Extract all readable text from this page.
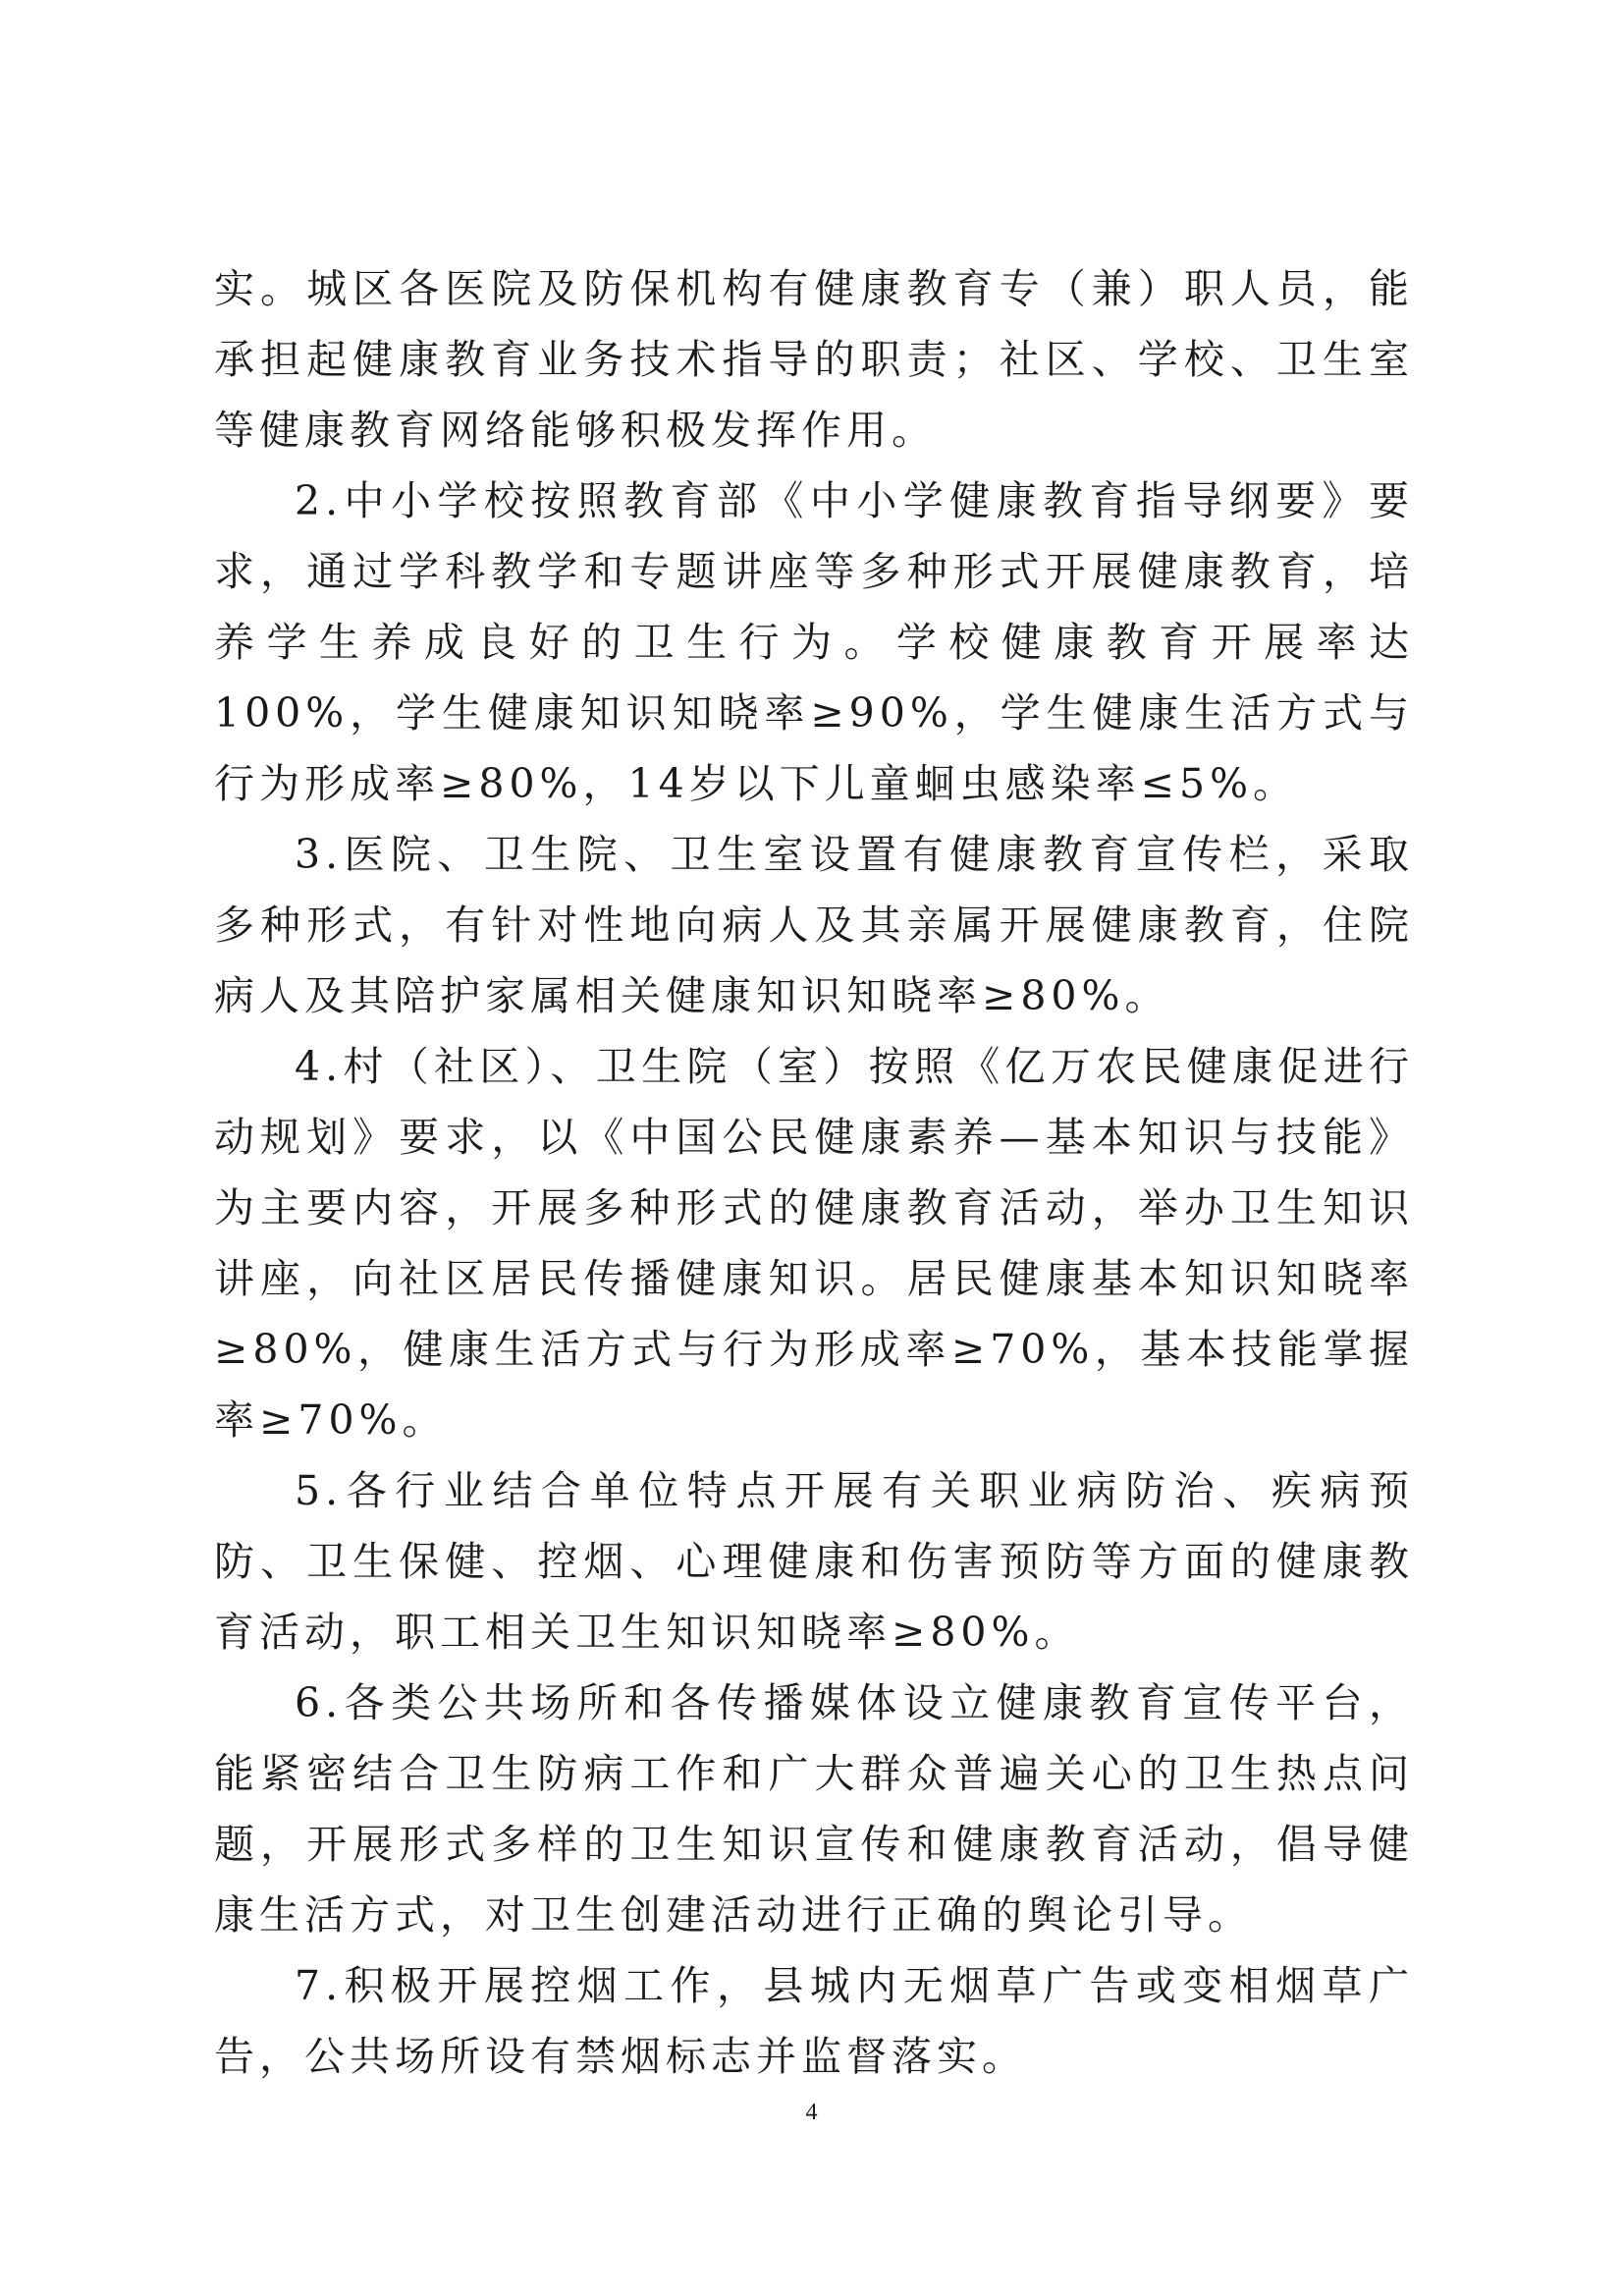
实。城区各医院及防保机构有健康教育专（兼）职人员，能承担起健康教育业务技术指导的职责；社区、学校、卫生室等健康教育网络能够积极发挥作用。

2.中小学校按照教育部《中小学健康教育指导纲要》要求，通过学科教学和专题讲座等多种形式开展健康教育，培养学生养成良好的卫生行为。学校健康教育开展率达100%，学生健康知识知晓率≥90%，学生健康生活方式与行为形成率≥80%，14岁以下儿童蛔虫感染率≤5%。

3.医院、卫生院、卫生室设置有健康教育宣传栏，采取多种形式，有针对性地向病人及其亲属开展健康教育，住院病人及其陪护家属相关健康知识知晓率≥80%。

4.村（社区）、卫生院（室）按照《亿万农民健康促进行动规划》要求，以《中国公民健康素养—基本知识与技能》为主要内容，开展多种形式的健康教育活动，举办卫生知识讲座，向社区居民传播健康知识。居民健康基本知识知晓率≥80%，健康生活方式与行为形成率≥70%，基本技能掌握率≥70%。

5.各行业结合单位特点开展有关职业病防治、疾病预防、卫生保健、控烟、心理健康和伤害预防等方面的健康教育活动，职工相关卫生知识知晓率≥80%。

6.各类公共场所和各传播媒体设立健康教育宣传平台，能紧密结合卫生防病工作和广大群众普遍关心的卫生热点问题，开展形式多样的卫生知识宣传和健康教育活动，倡导健康生活方式，对卫生创建活动进行正确的舆论引导。

7.积极开展控烟工作，县城内无烟草广告或变相烟草广告，公共场所设有禁烟标志并监督落实。

4
